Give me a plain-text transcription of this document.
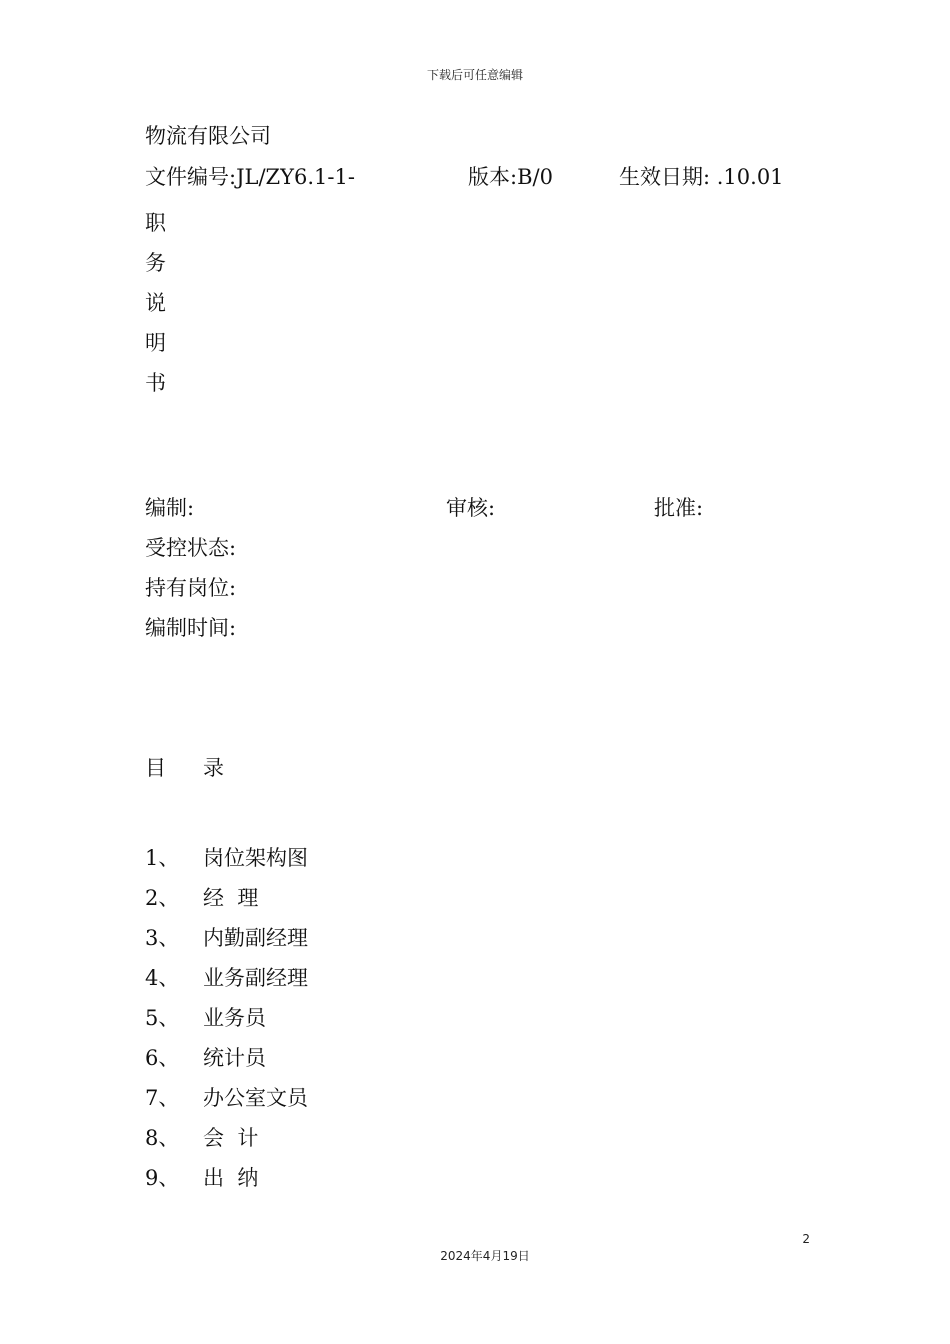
下载后可任意编辑
物流有限公司
文件编号:JL/ZY6.1-1-	版本:B/0	生效日期: .10.01
职
务
说
明
书
编制:	审核:	批准:
受控状态:
持有岗位:
编制时间:
目 录
1、 岗位架构图
2、 经  理
3、 内勤副经理
4、 业务副经理
5、 业务员
6、 统计员
7、 办公室文员
8、 会  计
9、 出  纳
2
2024年4月19日
